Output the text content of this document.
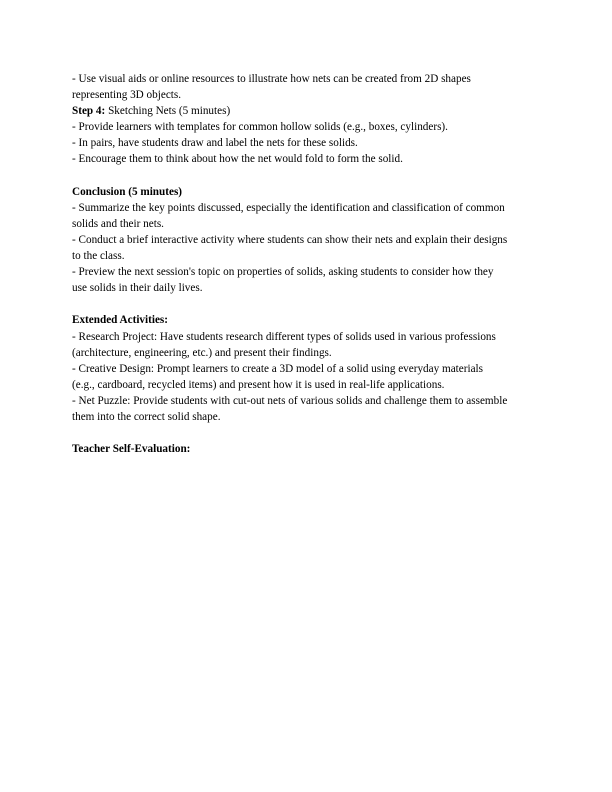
- Use visual aids or online resources to illustrate how nets can be created from 2D shapes
representing 3D objects.
Step 4: Sketching Nets (5 minutes)
- Provide learners with templates for common hollow solids (e.g., boxes, cylinders).
- In pairs, have students draw and label the nets for these solids.
- Encourage them to think about how the net would fold to form the solid.
Conclusion (5 minutes)
- Summarize the key points discussed, especially the identification and classification of common
solids and their nets.
- Conduct a brief interactive activity where students can show their nets and explain their designs
to the class.
- Preview the next session's topic on properties of solids, asking students to consider how they
use solids in their daily lives.
Extended Activities:
- Research Project: Have students research different types of solids used in various professions
(architecture, engineering, etc.) and present their findings.
- Creative Design: Prompt learners to create a 3D model of a solid using everyday materials
(e.g., cardboard, recycled items) and present how it is used in real-life applications.
- Net Puzzle: Provide students with cut-out nets of various solids and challenge them to assemble
them into the correct solid shape.
Teacher Self-Evaluation:
